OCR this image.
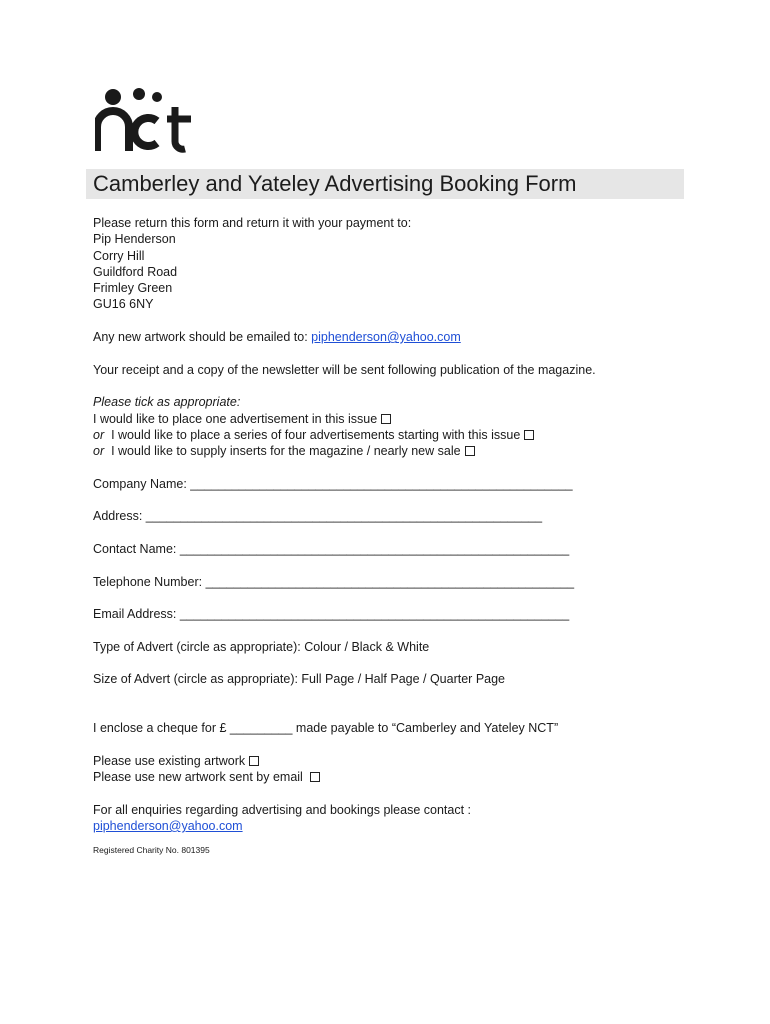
Camberley and Yateley Advertising Booking Form
Please return this form and return it with your payment to:
Pip Henderson
Corry Hill
Guildford Road
Frimley Green
GU16 6NY
Any new artwork should be emailed to: piphenderson@yahoo.com
Your receipt and a copy of the newsletter will be sent following publication of the magazine.
Please tick as appropriate:
I would like to place one advertisement in this issue
or  I would like to place a series of four advertisements starting with this issue
or  I would like to supply inserts for the magazine / nearly new sale
Company Name: _______________________________________________________
Address: _________________________________________________________
Contact Name: ________________________________________________________
Telephone Number: _____________________________________________________
Email Address: ________________________________________________________
Type of Advert (circle as appropriate): Colour / Black & White
Size of Advert (circle as appropriate): Full Page / Half Page / Quarter Page
I enclose a cheque for £ _________ made payable to “Camberley and Yateley NCT”
Please use existing artwork
Please use new artwork sent by email
For all enquiries regarding advertising and bookings please contact :
piphenderson@yahoo.com
Registered Charity No. 801395
